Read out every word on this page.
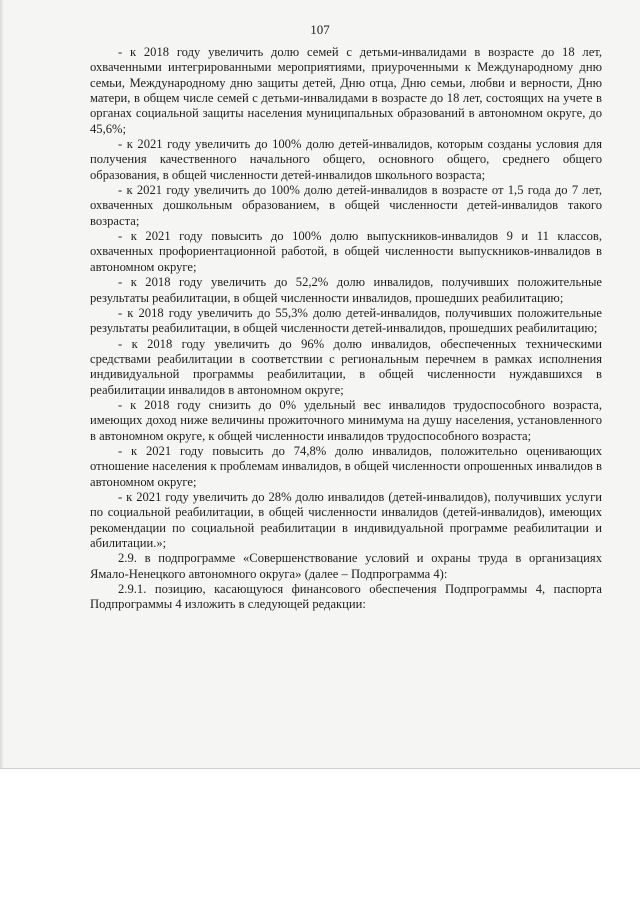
107

- к 2018 году увеличить долю семей с детьми-инвалидами в возрасте до 18 лет, охваченными интегрированными мероприятиями, приуроченными к Международному дню семьи, Международному дню защиты детей, Дню отца, Дню семьи, любви и верности, Дню матери, в общем числе семей с детьми-инвалидами в возрасте до 18 лет, состоящих на учете в органах социальной защиты населения муниципальных образований в автономном округе, до 45,6%;

- к 2021 году увеличить до 100% долю детей-инвалидов, которым созданы условия для получения качественного начального общего, основного общего, среднего общего образования, в общей численности детей-инвалидов школьного возраста;

- к 2021 году увеличить до 100% долю детей-инвалидов в возрасте от 1,5 года до 7 лет, охваченных дошкольным образованием, в общей численности детей-инвалидов такого возраста;

- к 2021 году повысить до 100% долю выпускников-инвалидов 9 и 11 классов, охваченных профориентационной работой, в общей численности выпускников-инвалидов в автономном округе;

- к 2018 году увеличить до 52,2% долю инвалидов, получивших положительные результаты реабилитации, в общей численности инвалидов, прошедших реабилитацию;

- к 2018 году увеличить до 55,3% долю детей-инвалидов, получивших положительные результаты реабилитации, в общей численности детей-инвалидов, прошедших реабилитацию;

- к 2018 году увеличить до 96% долю инвалидов, обеспеченных техническими средствами реабилитации в соответствии с региональным перечнем в рамках исполнения индивидуальной программы реабилитации, в общей численности нуждавшихся в реабилитации инвалидов в автономном округе;

- к 2018 году снизить до 0% удельный вес инвалидов трудоспособного возраста, имеющих доход ниже величины прожиточного минимума на душу населения, установленного в автономном округе, к общей численности инвалидов трудоспособного возраста;

- к 2021 году повысить до 74,8% долю инвалидов, положительно оценивающих отношение населения к проблемам инвалидов, в общей численности опрошенных инвалидов в автономном округе;

- к 2021 году увеличить до 28% долю инвалидов (детей-инвалидов), получивших услуги по социальной реабилитации, в общей численности инвалидов (детей-инвалидов), имеющих рекомендации по социальной реабилитации в индивидуальной программе реабилитации и абилитации.»;

2.9. в подпрограмме «Совершенствование условий и охраны труда в организациях Ямало-Ненецкого автономного округа» (далее – Подпрограмма 4):

2.9.1. позицию, касающуюся финансового обеспечения Подпрограммы 4, паспорта Подпрограммы 4 изложить в следующей редакции:
